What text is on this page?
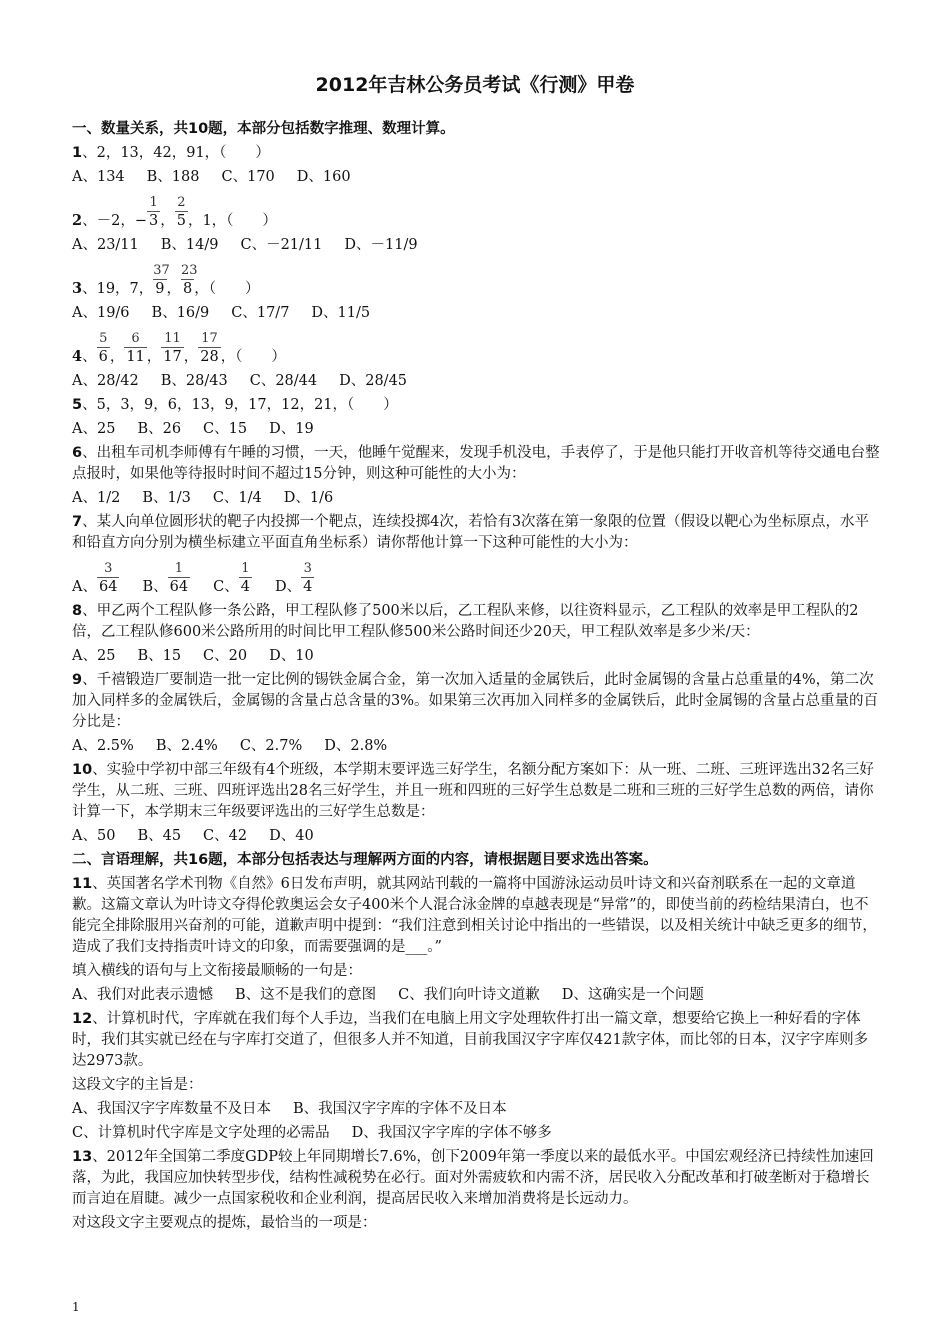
2012年吉林公务员考试《行测》甲卷
一、数量关系，共10题，本部分包括数字推理、数理计算。
1、2，13，42，91，（　　）
A、134 B、188 C、170 D、160
2、－2，− $\frac{1}{3}$， $\frac{2}{5}$，1，（　　）
A、23/11 B、14/9 C、－21/11 D、－11/9
3、19，7， $\frac{37}{9}$， $\frac{23}{8}$，（　　）
A、19/6 B、16/9 C、17/7 D、11/5
4、 $\frac{5}{6}$， $\frac{6}{11}$， $\frac{11}{17}$， $\frac{17}{28}$，（　　）
A、28/42 B、28/43 C、28/44 D、28/45
5、5，3，9，6，13，9，17，12，21，（　　）
A、25 B、26 C、15 D、19
6、出租车司机李师傅有午睡的习惯，一天，他睡午觉醒来，发现手机没电，手表停了，于是他只能打开收音机等待交通电台整点报时，如果他等待报时时间不超过15分钟，则这种可能性的大小为：
A、1/2 B、1/3 C、1/4 D、1/6
7、某人向单位圆形状的靶子内投掷一个靶点，连续投掷4次，若恰有3次落在第一象限的位置（假设以靶心为坐标原点，水平和铅直方向分别为横坐标建立平面直角坐标系）请你帮他计算一下这种可能性的大小为：
A、 $\frac{3}{64}$ B、 $\frac{1}{64}$ C、 $\frac{1}{4}$ D、 $\frac{3}{4}$
8、甲乙两个工程队修一条公路，甲工程队修了500米以后，乙工程队来修，以往资料显示，乙工程队的效率是甲工程队的2倍，乙工程队修600米公路所用的时间比甲工程队修500米公路时间还少20天，甲工程队效率是多少米/天：
A、25 B、15 C、20 D、10
9、千禧锻造厂要制造一批一定比例的锡铁金属合金，第一次加入适量的金属铁后，此时金属锡的含量占总重量的4%，第二次加入同样多的金属铁后，金属锡的含量占总含量的3%。如果第三次再加入同样多的金属铁后，此时金属锡的含量占总重量的百分比是：
A、2.5% B、2.4% C、2.7% D、2.8%
10、实验中学初中部三年级有4个班级，本学期末要评选三好学生，名额分配方案如下：从一班、二班、三班评选出32名三好学生，从二班、三班、四班评选出28名三好学生，并且一班和四班的三好学生总数是二班和三班的三好学生总数的两倍，请你计算一下，本学期末三年级要评选出的三好学生总数是：
A、50 B、45 C、42 D、40
二、言语理解，共16题，本部分包括表达与理解两方面的内容，请根据题目要求选出答案。
11、英国著名学术刊物《自然》6日发布声明，就其网站刊载的一篇将中国游泳运动员叶诗文和兴奋剂联系在一起的文章道歉。这篇文章认为叶诗文夺得伦敦奥运会女子400米个人混合泳金牌的卓越表现是“异常”的，即使当前的药检结果清白，也不能完全排除服用兴奋剂的可能，道歉声明中提到：“我们注意到相关讨论中指出的一些错误，以及相关统计中缺乏更多的细节，造成了我们支持指责叶诗文的印象，而需要强调的是___。”
填入横线的语句与上文衔接最顺畅的一句是：
A、我们对此表示遗憾 B、这不是我们的意图 C、我们向叶诗文道歉 D、这确实是一个问题
12、计算机时代，字库就在我们每个人手边，当我们在电脑上用文字处理软件打出一篇文章，想要给它换上一种好看的字体时，我们其实就已经在与字库打交道了，但很多人并不知道，目前我国汉字字库仅421款字体，而比邻的日本，汉字字库则多达2973款。
这段文字的主旨是：
A、我国汉字字库数量不及日本 B、我国汉字字库的字体不及日本
C、计算机时代字库是文字处理的必需品 D、我国汉字字库的字体不够多
13、2012年全国第二季度GDP较上年同期增长7.6%，创下2009年第一季度以来的最低水平。中国宏观经济已持续性加速回落，为此，我国应加快转型步伐，结构性减税势在必行。面对外需疲软和内需不济，居民收入分配改革和打破垄断对于稳增长而言迫在眉睫。减少一点国家税收和企业利润，提高居民收入来增加消费将是长远动力。
对这段文字主要观点的提炼，最恰当的一项是：
1
